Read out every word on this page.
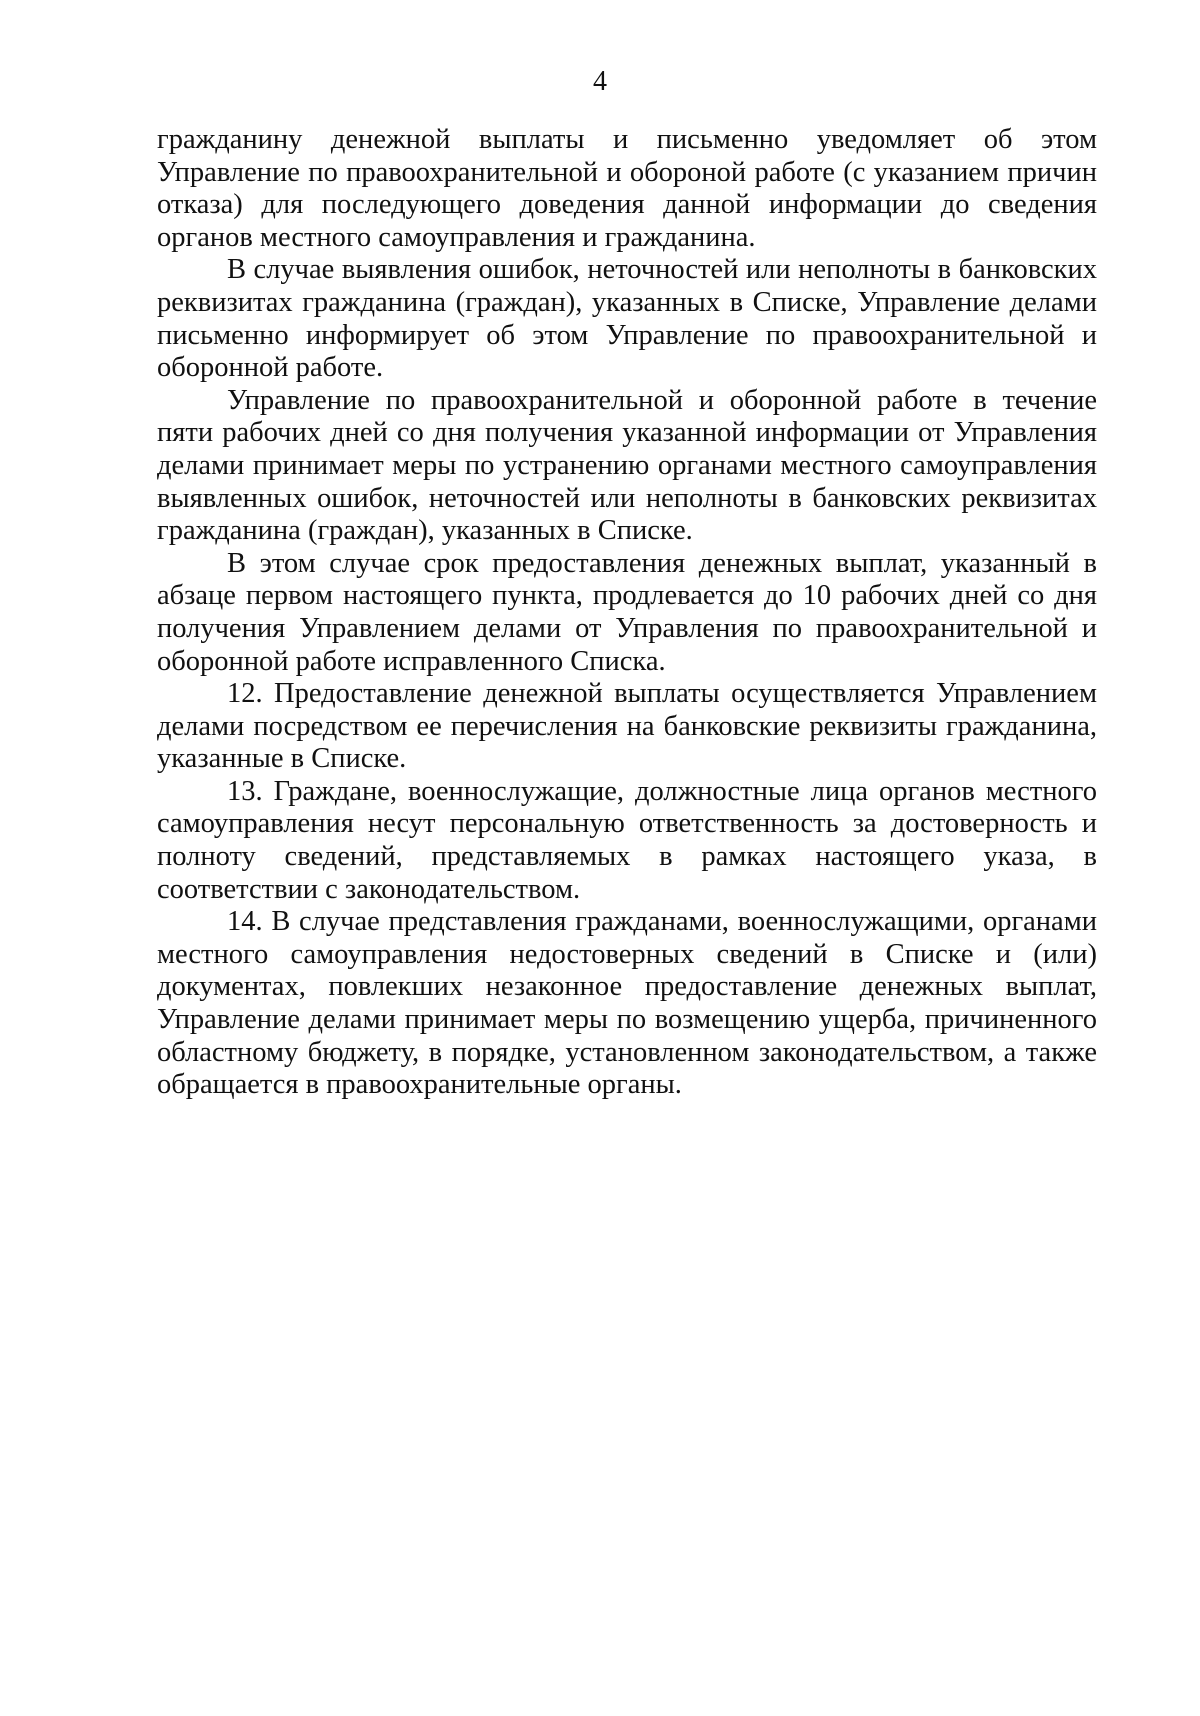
4

гражданину денежной выплаты и письменно уведомляет об этом Управление по правоохранительной и обороной работе (с указанием причин отказа) для последующего доведения данной информации до сведения органов местного самоуправления и гражданина.

В случае выявления ошибок, неточностей или неполноты в банковских реквизитах гражданина (граждан), указанных в Списке, Управление делами письменно информирует об этом Управление по правоохранительной и оборонной работе.

Управление по правоохранительной и оборонной работе в течение пяти рабочих дней со дня получения указанной информации от Управления делами принимает меры по устранению органами местного самоуправления выявленных ошибок, неточностей или неполноты в банковских реквизитах гражданина (граждан), указанных в Списке.

В этом случае срок предоставления денежных выплат, указанный в абзаце первом настоящего пункта, продлевается до 10 рабочих дней со дня получения Управлением делами от Управления по правоохранительной и оборонной работе исправленного Списка.

12. Предоставление денежной выплаты осуществляется Управлением делами посредством ее перечисления на банковские реквизиты гражданина, указанные в Списке.

13. Граждане, военнослужащие, должностные лица органов местного самоуправления несут персональную ответственность за достоверность и полноту сведений, представляемых в рамках настоящего указа, в соответствии с законодательством.

14. В случае представления гражданами, военнослужащими, органами местного самоуправления недостоверных сведений в Списке и (или) документах, повлекших незаконное предоставление денежных выплат, Управление делами принимает меры по возмещению ущерба, причиненного областному бюджету, в порядке, установленном законодательством, а также обращается в правоохранительные органы.
